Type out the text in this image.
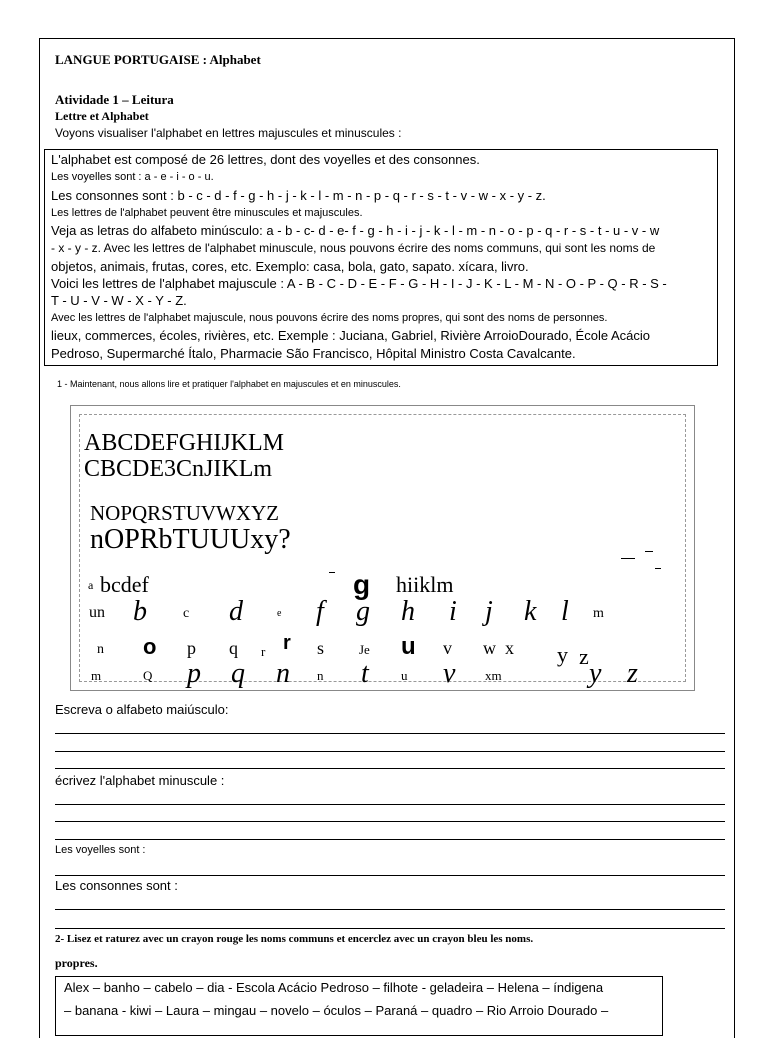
LANGUE PORTUGAISE : Alphabet
Atividade 1 – Leitura
Lettre et Alphabet
Voyons visualiser l'alphabet en lettres majuscules et minuscules :
L'alphabet est composé de 26 lettres, dont des voyelles et des consonnes.
Les voyelles sont : a - e - i - o - u.
Les consonnes sont : b - c - d - f - g - h - j - k - l - m - n - p - q - r - s - t - v - w - x - y - z.
Les lettres de l'alphabet peuvent être minuscules et majuscules.
Veja as letras do alfabeto minúsculo: a - b - c- d - e- f - g - h - i - j - k - l - m - n - o - p - q - r - s - t - u - v - w
- x - y - z. Avec les lettres de l'alphabet minuscule, nous pouvons écrire des noms communs, qui sont les noms de
objetos, animais, frutas, cores, etc. Exemplo: casa, bola, gato, sapato. xícara, livro.
Voici les lettres de l'alphabet majuscule : A - B - C - D - E - F - G - H - I - J - K - L - M - N - O - P - Q - R - S -
T - U - V - W - X - Y - Z.
Avec les lettres de l'alphabet majuscule, nous pouvons écrire des noms propres, qui sont des noms de personnes.
lieux, commerces, écoles, rivières, etc. Exemple : Juciana, Gabriel, Rivière ArroioDourado, École Acácio
Pedroso, Supermarché Ítalo, Pharmacie São Francisco, Hôpital Ministro Costa Cavalcante.
1 - Maintenant, nous allons lire et pratiquer l'alphabet en majuscules et en minuscules.
ABCDEFGHIJKLM
CBCDE3CnJIKLm
NOPQRSTUVWXYZ
nOPRbTUUUxy?
a bcdef	g hiiklm
un b	c d	e f g h i j k l m
n o p q r r s	Je u v w x y z
m	Q p q n n t u v xm	y z
Escreva o alfabeto maiúsculo:
écrivez l'alphabet minuscule :
Les voyelles sont :
Les consonnes sont :
2- Lisez et raturez avec un crayon rouge les noms communs et encerclez avec un crayon bleu les noms.
propres.
Alex – banho – cabelo – dia - Escola Acácio Pedroso – filhote - geladeira – Helena – índigena
– banana - kiwi – Laura – mingau – novelo – óculos – Paraná – quadro – Rio Arroio Dourado –
